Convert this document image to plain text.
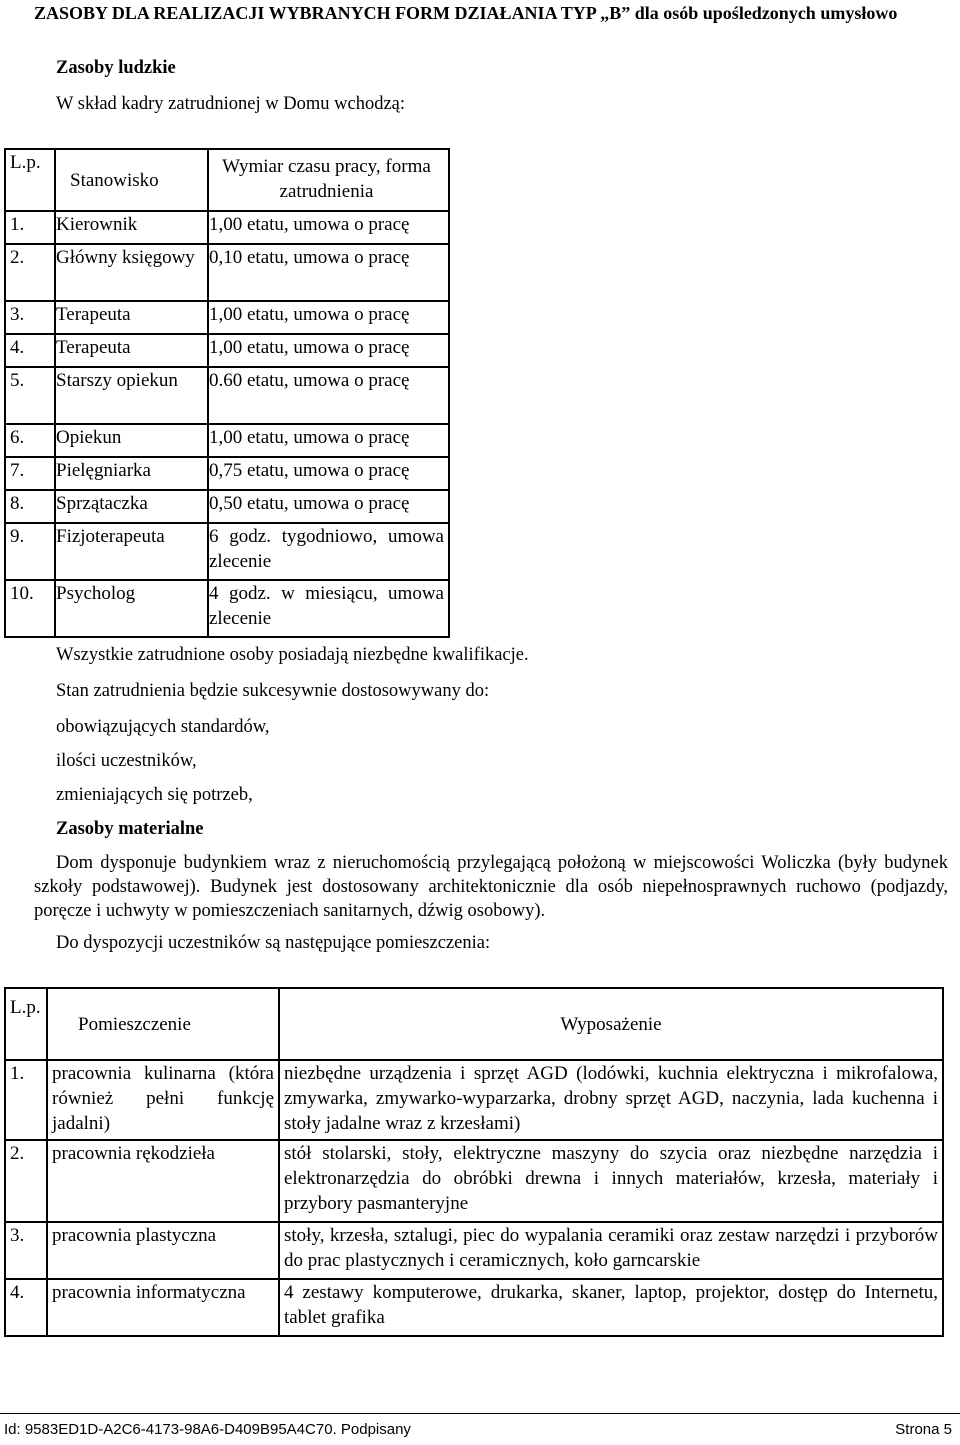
ZASOBY DLA REALIZACJI WYBRANYCH FORM DZIAŁANIA TYP „B” dla osób upośledzonych umysłowo
Zasoby ludzkie
W skład kadry zatrudnionej w Domu wchodzą:
L.p.	Stanowisko	Wymiar czasu pracy, forma zatrudnienia
1.	Kierownik	1,00 etatu, umowa o pracę
2.	Główny księgowy	0,10 etatu, umowa o pracę
3.	Terapeuta	1,00 etatu, umowa o pracę
4.	Terapeuta	1,00 etatu, umowa o pracę
5.	Starszy opiekun	0.60 etatu, umowa o pracę
6.	Opiekun	1,00 etatu, umowa o pracę
7.	Pielęgniarka	0,75 etatu, umowa o pracę
8.	Sprzątaczka	0,50 etatu, umowa o pracę
9.	Fizjoterapeuta	6 godz. tygodniowo, umowa zlecenie
10.	Psycholog	4 godz. w miesiącu, umowa zlecenie
Wszystkie zatrudnione osoby posiadają niezbędne kwalifikacje.
Stan zatrudnienia będzie sukcesywnie dostosowywany do:
obowiązujących standardów,
ilości uczestników,
zmieniających się potrzeb,
Zasoby materialne
Dom dysponuje budynkiem wraz z nieruchomością przylegającą położoną w miejscowości Woliczka (były budynek szkoły podstawowej). Budynek jest dostosowany architektonicznie dla osób niepełnosprawnych ruchowo (podjazdy, poręcze i uchwyty w pomieszczeniach sanitarnych, dźwig osobowy).
Do dyspozycji uczestników są następujące pomieszczenia:
L.p.	Pomieszczenie	Wyposażenie
1.	pracownia kulinarna (która również pełni funkcję jadalni)	niezbędne urządzenia i sprzęt AGD (lodówki, kuchnia elektryczna i mikrofalowa, zmywarka, zmywarko-wyparzarka, drobny sprzęt AGD, naczynia, lada kuchenna i stoły jadalne wraz z krzesłami)
2.	pracownia rękodzieła	stół stolarski, stoły, elektryczne maszyny do szycia oraz niezbędne narzędzia i elektronarzędzia do obróbki drewna i innych materiałów, krzesła, materiały i przybory pasmanteryjne
3.	pracownia plastyczna	stoły, krzesła, sztalugi, piec do wypalania ceramiki oraz zestaw narzędzi i przyborów do prac plastycznych i ceramicznych, koło garncarskie
4.	pracownia informatyczna	4 zestawy komputerowe, drukarka, skaner, laptop, projektor, dostęp do Internetu, tablet grafika
Id: 9583ED1D-A2C6-4173-98A6-D409B95A4C70. Podpisany	Strona 5
